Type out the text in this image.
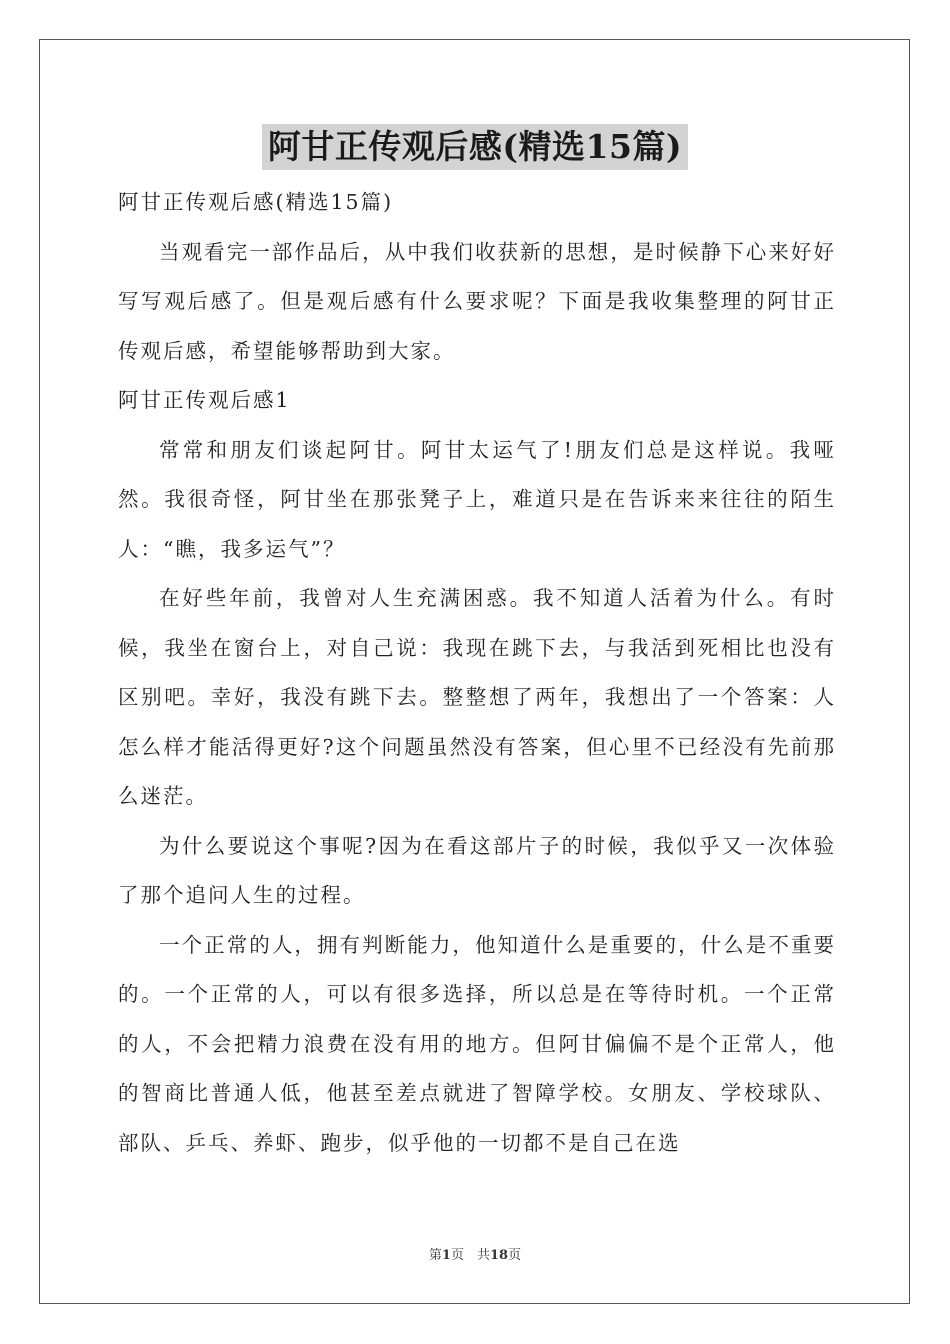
阿甘正传观后感(精选15篇)

阿甘正传观后感(精选15篇)

当观看完一部作品后，从中我们收获新的思想，是时候静下心来好好写写观后感了。但是观后感有什么要求呢？下面是我收集整理的阿甘正传观后感，希望能够帮助到大家。

阿甘正传观后感1

常常和朋友们谈起阿甘。阿甘太运气了!朋友们总是这样说。我哑然。我很奇怪，阿甘坐在那张凳子上，难道只是在告诉来来往往的陌生人：“瞧，我多运气”？

在好些年前，我曾对人生充满困惑。我不知道人活着为什么。有时候，我坐在窗台上，对自己说：我现在跳下去，与我活到死相比也没有区别吧。幸好，我没有跳下去。整整想了两年，我想出了一个答案：人怎么样才能活得更好?这个问题虽然没有答案，但心里不已经没有先前那么迷茫。

为什么要说这个事呢?因为在看这部片子的时候，我似乎又一次体验了那个追问人生的过程。

一个正常的人，拥有判断能力，他知道什么是重要的，什么是不重要的。一个正常的人，可以有很多选择，所以总是在等待时机。一个正常的人，不会把精力浪费在没有用的地方。但阿甘偏偏不是个正常人，他的智商比普通人低，他甚至差点就进了智障学校。女朋友、学校球队、部队、乒乓、养虾、跑步，似乎他的一切都不是自己在选

第1页　共18页
